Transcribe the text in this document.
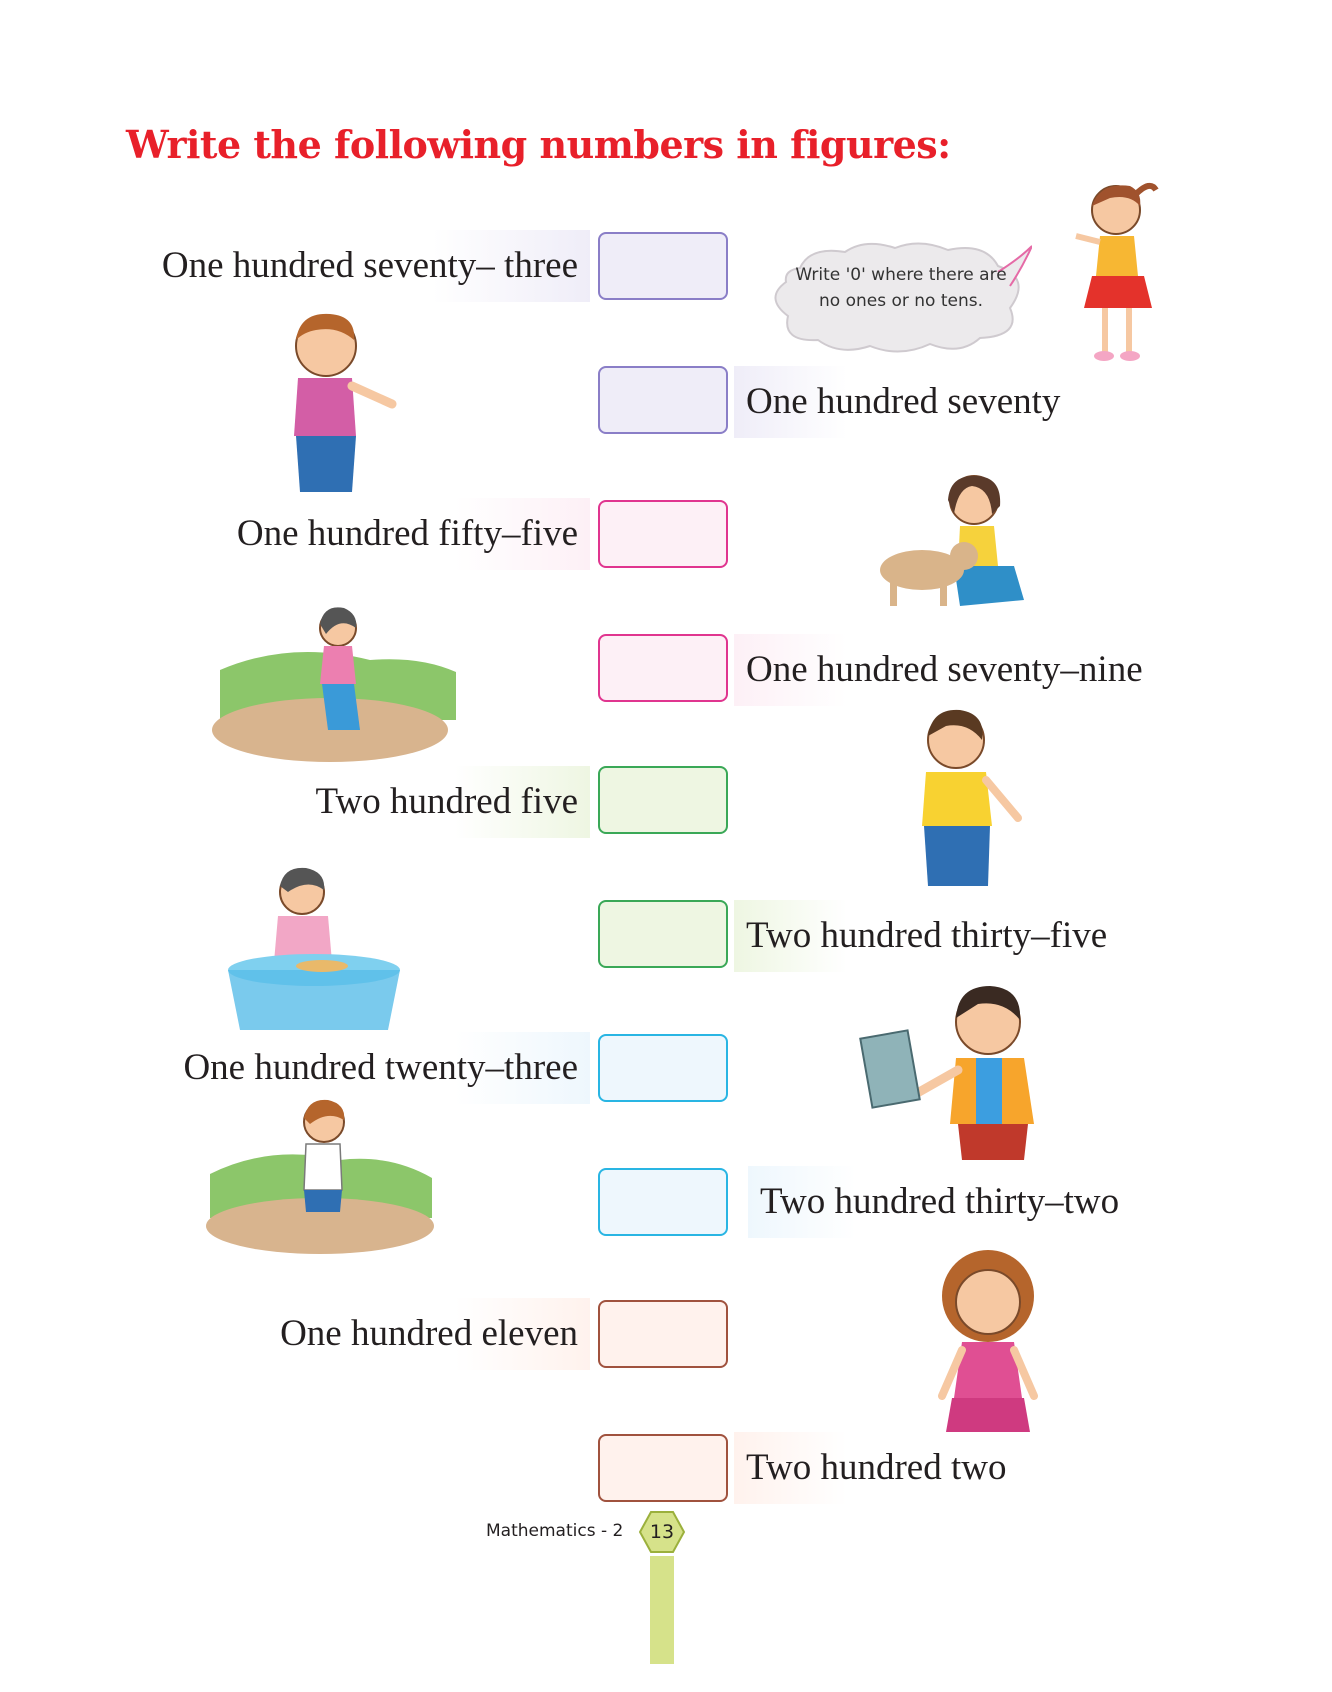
Write the following numbers in figures:
Write '0' where there are no ones or no tens.
One hundred seventy– three
One hundred seventy
One hundred fifty–five
One hundred seventy–nine
Two hundred five
Two hundred thirty–five
One hundred twenty–three
Two hundred thirty–two
One hundred eleven
Two hundred two
Mathematics - 2	13
